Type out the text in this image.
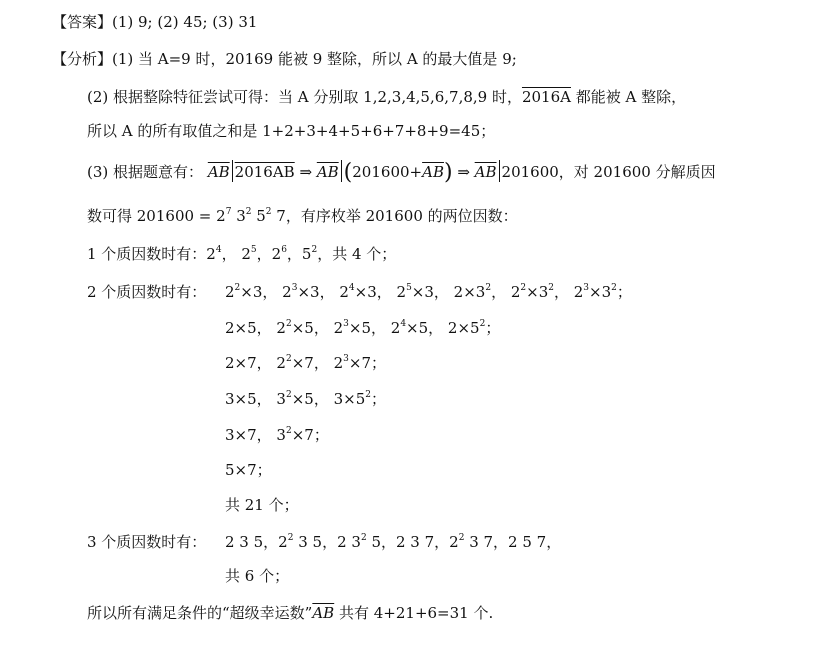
【答案】(1) 9; (2) 45; (3) 31
【分析】(1) 当 A=9 时，20169 能被 9 整除，所以 A 的最大值是 9;
(2) 根据整除特征尝试可得：当 A 分别取 1,2,3,4,5,6,7,8,9 时，2016A 都能被 A 整除，
所以 A 的所有取值之和是 1+2+3+4+5+6+7+8+9=45；
(3) 根据题意有： $\overline{AB}$ 2016AB ⇒ $\overline{AB}$ $(201600+\overline{AB})$ ⇒ $\overline{AB}$ 201600，对 201600 分解质因
数可得 $201600 = 2^7$ $3^2$ $5^2$ 7，有序枚举 201600 的两位因数：
1 个质因数时有：$2^4$， $2^5$，$2^6$，$5^2$，共 4 个；
2 个质因数时有： $2^2\times 3$， $2^3\times 3$， $2^4\times 3$， $2^5\times 3$， $2\times 3^2$， $2^2\times 3^2$， $2^3\times 3^2$；
2×5， $2^2\times 5$， $2^3\times 5$， $2^4\times 5$， $2\times 5^2$；
2×7， $2^2\times 7$， $2^3\times 7$；
3×5， $3^2\times 5$， $3\times 5^2$；
3×7， $3^2\times 7$；
5×7；
共 21 个；
3 个质因数时有： 2 3 5，$2^2$ 3 5，2 $3^2$ 5，2 3 7，$2^2$ 3 7，2 5 7，
共 6 个；
所以所有满足条件的“超级幸运数$”\overline{AB}$ 共有 4+21+6=31 个.
